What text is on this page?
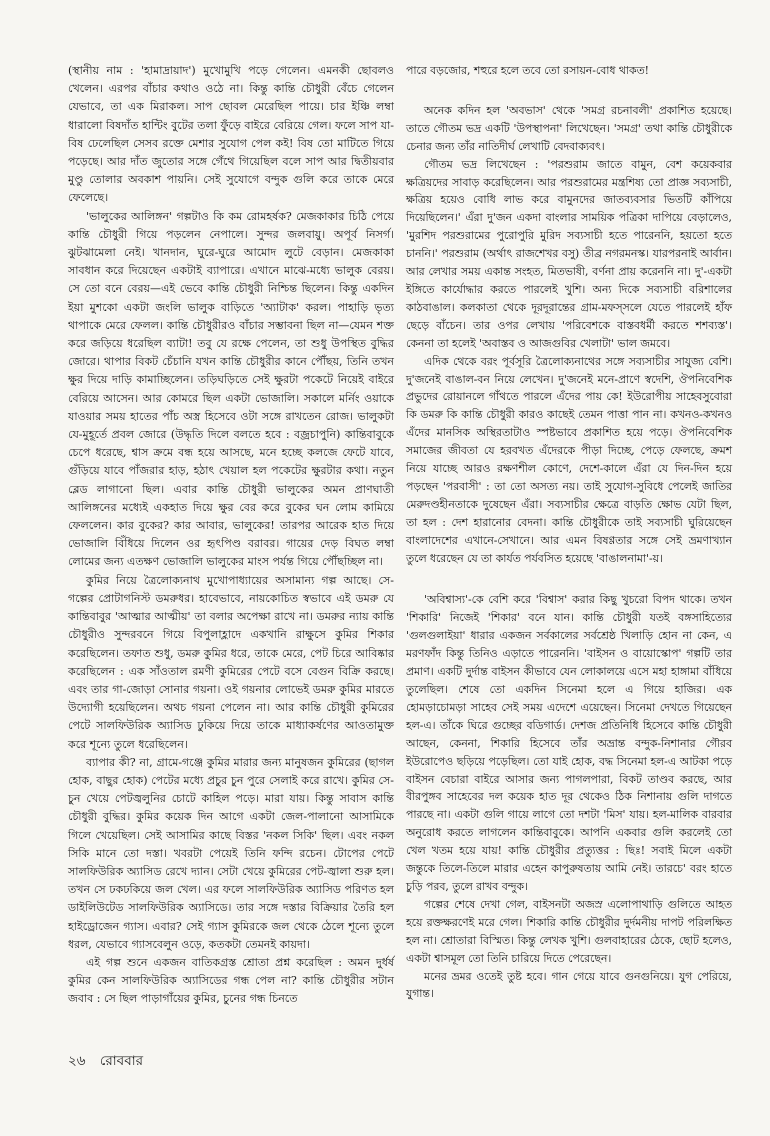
(স্থানীয় নাম : 'হামাদ্রায়াদ') মুখোমুখি পড়ে গেলেন। এমনকী ছোবলও খেলেন। এরপর বাঁচার কথাও ওঠে না। কিন্তু কান্তি চৌধুরী বেঁচে গেলেন যেভাবে, তা এক মিরাকল। সাপ ছোবল মেরেছিল পায়ে। চার ইঞ্চি লম্বা ধারালো বিষদাঁত হান্টিং বুটের তলা ফুঁড়ে বাইরে বেরিয়ে গেল। ফলে সাপ যা-বিষ ঢেলেছিল সেসব রক্তে মেশার সুযোগ পেল কই! বিষ তো মাটিতে গিয়ে পড়েছে। আর দাঁত জুতোর সঙ্গে গেঁথে গিয়েছিল বলে সাপ আর দ্বিতীয়বার মুণ্ডু তোলার অবকাশ পায়নি। সেই সুযোগে বন্দুক গুলি করে তাকে মেরে ফেলেছে।

'ভালুকের আলিঙ্গন' গল্পটাও কি কম রোমহর্ষক? মেজকাকার চিঠি পেয়ে কান্তি চৌধুরী গিয়ে পড়লেন নেপালে। সুন্দর জলবায়ু। অপূর্ব নিসর্গ। ঝুটঝামেলা নেই। খানদান, ঘুরে-ঘুরে আমোদ লুটে বেড়ান। মেজকাকা সাবধান করে দিয়েছেন একটাই ব্যাপারে। এখানে মাঝে-মধ্যে ভালুক বেরয়। সে তো বনে বেরয়—এই ভেবে কান্তি চৌধুরী নিশ্চিন্ত ছিলেন। কিন্তু একদিন ইয়া মুশকো একটা জংলি ভালুক বাড়িতে 'অ্যাটাক' করল। পাহাড়ি ভৃত্য থাপাকে মেরে ফেলল। কান্তি চৌধুরীরও বাঁচার সম্ভাবনা ছিল না—যেমন শক্ত করে জড়িয়ে ধরেছিল ব্যাটা! তবু যে রক্ষে পেলেন, তা শুধু উপস্থিত বুদ্ধির জোরে। থাপার বিকট চেঁচানি যখন কান্তি চৌধুরীর কানে পৌঁছয়, তিনি তখন ক্ষুর দিয়ে দাড়ি কামাচ্ছিলেন। তড়িঘড়িতে সেই ক্ষুরটা পকেটে নিয়েই বাইরে বেরিয়ে আসেন। আর কোমরে ছিল একটা ভোজালি। সকালে মর্নিং ওয়াকে যাওয়ার সময় হাতের পাঁচ অস্ত্র হিসেবে ওটা সঙ্গে রাখতেন রোজ। ভালুকটা যে-মুহূর্তে প্রবল জোরে (উদ্ধৃতি দিলে বলতে হবে : বজ্রচাপুনি) কান্তিবাবুকে চেপে ধরেছে, শ্বাস ক্রমে বন্ধ হয়ে আসছে, মনে হচ্ছে কলজে ফেটে যাবে, গুঁড়িয়ে যাবে পাঁজরার হাড়, হঠাৎ খেয়াল হল পকেটের ক্ষুরটার কথা। নতুন ব্লেড লাগানো ছিল। এবার কান্তি চৌধুরী ভালুকের অমন প্রাণঘাতী আলিঙ্গনের মধ্যেই একহাত দিয়ে ক্ষুর বের করে বুকের ঘন লোম কামিয়ে ফেললেন। কার বুকের? কার আবার, ভালুকের! তারপর আরেক হাত দিয়ে ভোজালি বিঁধিয়ে দিলেন ওর হৃৎপিণ্ড বরাবর। গায়ের দেড় বিঘত লম্বা লোমের জন্য এতক্ষণ ভোজালি ভালুকের মাংস পর্যন্ত গিয়ে পৌঁছচ্ছিল না।

কুমির নিয়ে ত্রৈলোক্যনাথ মুখোপাধ্যায়ের অসামান্য গল্প আছে। সে-গল্পের প্রোটাগনিস্ট ডমরুধর। হাবেভাবে, নায়কোচিত স্বভাবে এই ডমরু যে কান্তিবাবুর 'আত্মার আত্মীয়' তা বলার অপেক্ষা রাখে না। ডমরুর ন্যায় কান্তি চৌধুরীও সুন্দরবনে গিয়ে বিপুলাহ্লাদে একখানি রাক্ষুসে কুমির শিকার করেছিলেন। তফাত শুধু, ডমরু কুমির ধরে, তাকে মেরে, পেট চিরে আবিষ্কার করেছিলেন : এক সাঁওতাল রমণী কুমিরের পেটে বসে বেগুন বিক্রি করছে। এবং তার গা-জোড়া সোনার গয়না। ওই গয়নার লোভেই ডমরু কুমির মারতে উদ্যোগী হয়েছিলেন। অথচ গয়না পেলেন না। আর কান্তি চৌধুরী কুমিরের পেটে সালফিউরিক অ্যাসিড ঢুকিয়ে দিয়ে তাকে মাধ্যাকর্ষণের আওতামুক্ত করে শূন্যে তুলে ধরেছিলেন।

ব্যাপার কী? না, গ্রামে-গঞ্জে কুমির মারার জন্য মানুষজন কুমিরের (ছাগল হোক, বাছুর হোক) পেটের মধ্যে প্রচুর চুন পুরে সেলাই করে রাখে। কুমির সে-চুন খেয়ে পেটজ্বলুনির চোটে কাহিল পড়ে। মারা যায়। কিন্তু সাবাস কান্তি চৌধুরী বুদ্ধির। কুমির কয়েক দিন আগে একটা জেল-পালানো আসামিকে গিলে খেয়েছিল। সেই আসামির কাছে বিস্তর 'নকল সিকি' ছিল। এবং নকল সিকি মানে তো দস্তা। খবরটা পেয়েই তিনি ফন্দি রচেন। টোপের পেটে সালফিউরিক অ্যাসিড রেখে দ্যান। সেটা খেয়ে কুমিরের পেট-জ্বালা শুরু হল। তখন সে ঢকঢকিয়ে জল খেল। এর ফলে সালফিউরিক অ্যাসিড পরিণত হল ডাইলিউটেড সালফিউরিক অ্যাসিডে। তার সঙ্গে দস্তার বিক্রিয়ার তৈরি হল হাইড্রোজেন গ্যাস। এবার? সেই গ্যাস কুমিরকে জল থেকে ঠেলে শূন্যে তুলে ধরল, যেভাবে গ্যাসবেলুন ওড়ে, কতকটা তেমনই কায়দা।

এই গল্প শুনে একজন বাতিকগ্রস্ত শ্রোতা প্রশ্ন করেছিল : অমন দুর্ধর্ষ কুমির কেন সালফিউরিক অ্যাসিডের গন্ধ পেল না? কান্তি চৌধুরীর সটান জবাব : সে ছিল পাড়াগাঁয়ের কুমির, চুনের গন্ধ চিনতে

পারে বড়জোর, শহুরে হলে তবে তো রসায়ন-বোধ থাকত!

অনেক কদিন হল 'অবভাস' থেকে 'সমগ্র রচনাবলী' প্রকাশিত হয়েছে। তাতে গৌতম ভদ্র একটি 'উপস্থাপনা' লিখেছেন। 'সমগ্র' তথা কান্তি চৌধুরীকে চেনার জন্য তাঁর নাতিদীর্ঘ লেখাটি বেদবাক্যবৎ।

গৌতম ভদ্র লিখেছেন : 'পরশুরাম জাতে বামুন, বেশ কয়েকবার ক্ষত্রিয়দের সাবাড় করেছিলেন। আর পরশুরামের মন্ত্রশিষ্য তো প্রাজ্ঞ সব্যসাচী, ক্ষত্রিয় হয়েও বোধি লাভ করে বামুনদের জাতব্যবসার ভিতটি কাঁপিয়ে দিয়েছিলেন।' এঁরা দু'জন একদা বাংলার সাময়িক পত্রিকা দাপিয়ে বেড়ালেও, 'মুরশিদ পরশুরামের পুরোপুরি মুরিদ সব্যসাচী হতে পারেননি, হয়তো হতে চাননি।' পরশুরাম (অর্থাৎ রাজশেখর বসু) তীব্র নগরমনস্ক। যারপরনাই আর্বান। আর লেখার সময় একান্ত সংহত, মিতভাষী, বর্ণনা প্রায় করেননি না। দু'-একটা ইঙ্গিতে কার্যোদ্ধার করতে পারলেই খুশি। অন্য দিকে সব্যসাচী বরিশালের কাঠবাঙাল। কলকাতা থেকে দূরদূরান্তের গ্রাম-মফস্সলে যেতে পারলেই হাঁফ ছেড়ে বাঁচেন। তার ওপর লেখায় 'পরিবেশকে বাস্তবধর্মী করতে শশব্যস্ত'। কেননা তা হলেই 'অবাস্তব ও আজগুবির খেলাটা' ভাল জমবে।

এদিক থেকে বরং পূর্বসূরি ত্রৈলোক্যনাথের সঙ্গে সব্যসাচীর সাযুজ্য বেশি। দু'জনেই বাঙাল-বন নিয়ে লেখেন। দু'জনেই মনে-প্রাণে স্বদেশি, ঔপনিবেশিক প্রভুদের রোয়ানলে গাঁথতে পারলে এঁদের পায় কে! ইউরোপীয় সাহেবসুবোরা কি ডমরু কি কান্তি চৌধুরী কারও কাছেই তেমন পাত্তা পান না। কখনও-কখনও এঁদের মানসিক অস্থিরতাটাও স্পষ্টভাবে প্রকাশিত হয়ে পড়ে। ঔপনিবেশিক সমাজের জীবতা যে হরবখত এঁদেরকে পীড়া দিচ্ছে, পেড়ে ফেলছে, ক্রমশ নিয়ে যাচ্ছে আরও রক্ষণশীল কোণে, দেশে-কালে এঁরা যে দিন-দিন হয়ে পড়ছেন 'পরবাসী' : তা তো অসত্য নয়। তাই সুযোগ-সুবিধে পেলেই জাতির মেরুদণ্ডহীনতাকে দুষেছেন এঁরা। সব্যসাচীর ক্ষেত্রে বাড়তি ক্ষোভ যেটা ছিল, তা হল : দেশ হারানোর বেদনা। কান্তি চৌধুরীকে তাই সব্যসাচী ঘুরিয়েছেন বাংলাদেশের এখানে-সেখানে। আর এমন বিষণ্ণতার সঙ্গে সেই ভ্রমণাখ্যান তুলে ধরেছেন যে তা কার্যত পর্যবসিত হয়েছে 'বাঙালনামা'-য়।

'অবিশ্বাস্য'-কে বেশি করে 'বিশ্বাস' করার কিছু খুচরো বিপদ থাকে। তখন 'শিকারি' নিজেই 'শিকার' বনে যান। কান্তি চৌধুরী যতই বঙ্গসাহিত্যের 'গুলগুলাইয়া' ধারার একজন সর্বকালের সর্বশ্রেষ্ঠ খিলাড়ি হোন না কেন, এ মরণফাঁদ কিন্তু তিনিও এড়াতে পারেননি। 'বাইসন ও বায়োস্কোপ' গল্পটি তার প্রমাণ। একটি দুর্দান্ত বাইসন কীভাবে যেন লোকালয়ে এসে মহা হাঙ্গামা বাঁধিয়ে তুলেছিল। শেষে তো একদিন সিনেমা হলে এ গিয়ে হাজির। এক হোমড়াচোমড়া সাহেব সেই সময় এদেশে এয়েছেন। সিনেমা দেখতে গিয়েছেন হল-এ। তাঁকে ঘিরে গুচ্ছের বডিগার্ড। দেশজ প্রতিনিধি হিসেবে কান্তি চৌধুরী আছেন, কেননা, শিকারি হিসেবে তাঁর অভ্রান্ত বন্দুক-নিশানার গৌরব ইউরোপেও ছড়িয়ে পড়েছিল। তো যাই হোক, বদ্ধ সিনেমা হল-এ আটকা পড়ে বাইসন বেচারা বাইরে আসার জন্য পাগলপারা, বিকট তাণ্ডব করছে, আর বীরপুঙ্গব সাহেবের দল কয়েক হাত দূর থেকেও ঠিক নিশানায় গুলি দাগতে পারছে না। একটা গুলি গায়ে লাগে তো দশটা 'মিস' যায়। হল-মালিক বারবার অনুরোধ করতে লাগলেন কান্তিবাবুকে। আপনি একবার গুলি করলেই তো খেল খতম হয়ে যায়! কান্তি চৌধুরীর প্রত্যুত্তর : ছিঃ! সবাই মিলে একটা জন্তুকে তিলে-তিলে মারার এহেন কাপুরুষতায় আমি নেই। তারচে' বরং হাতে চুড়ি পরব, তুলে রাখব বন্দুক।

গল্পের শেষে দেখা গেল, বাইসনটা অজস্র এলোপাথাড়ি গুলিতে আহত হয়ে রক্তক্ষরণেই মরে গেল। শিকারি কান্তি চৌধুরীর দুর্দমনীয় দাপট পরিলক্ষিত হল না। শ্রোতারা বিস্মিত। কিন্তু লেখক খুশি। গুলবাহারের ঠেকে, ছোট হলেও, একটা শ্বাসমূল তো তিনি চারিয়ে দিতে পেরেছেন।

মনের ভ্রমর ওতেই তুষ্ট হবে। গান গেয়ে যাবে গুনগুনিয়ে। যুগ পেরিয়ে, যুগান্ত।

২৬ রোববার
